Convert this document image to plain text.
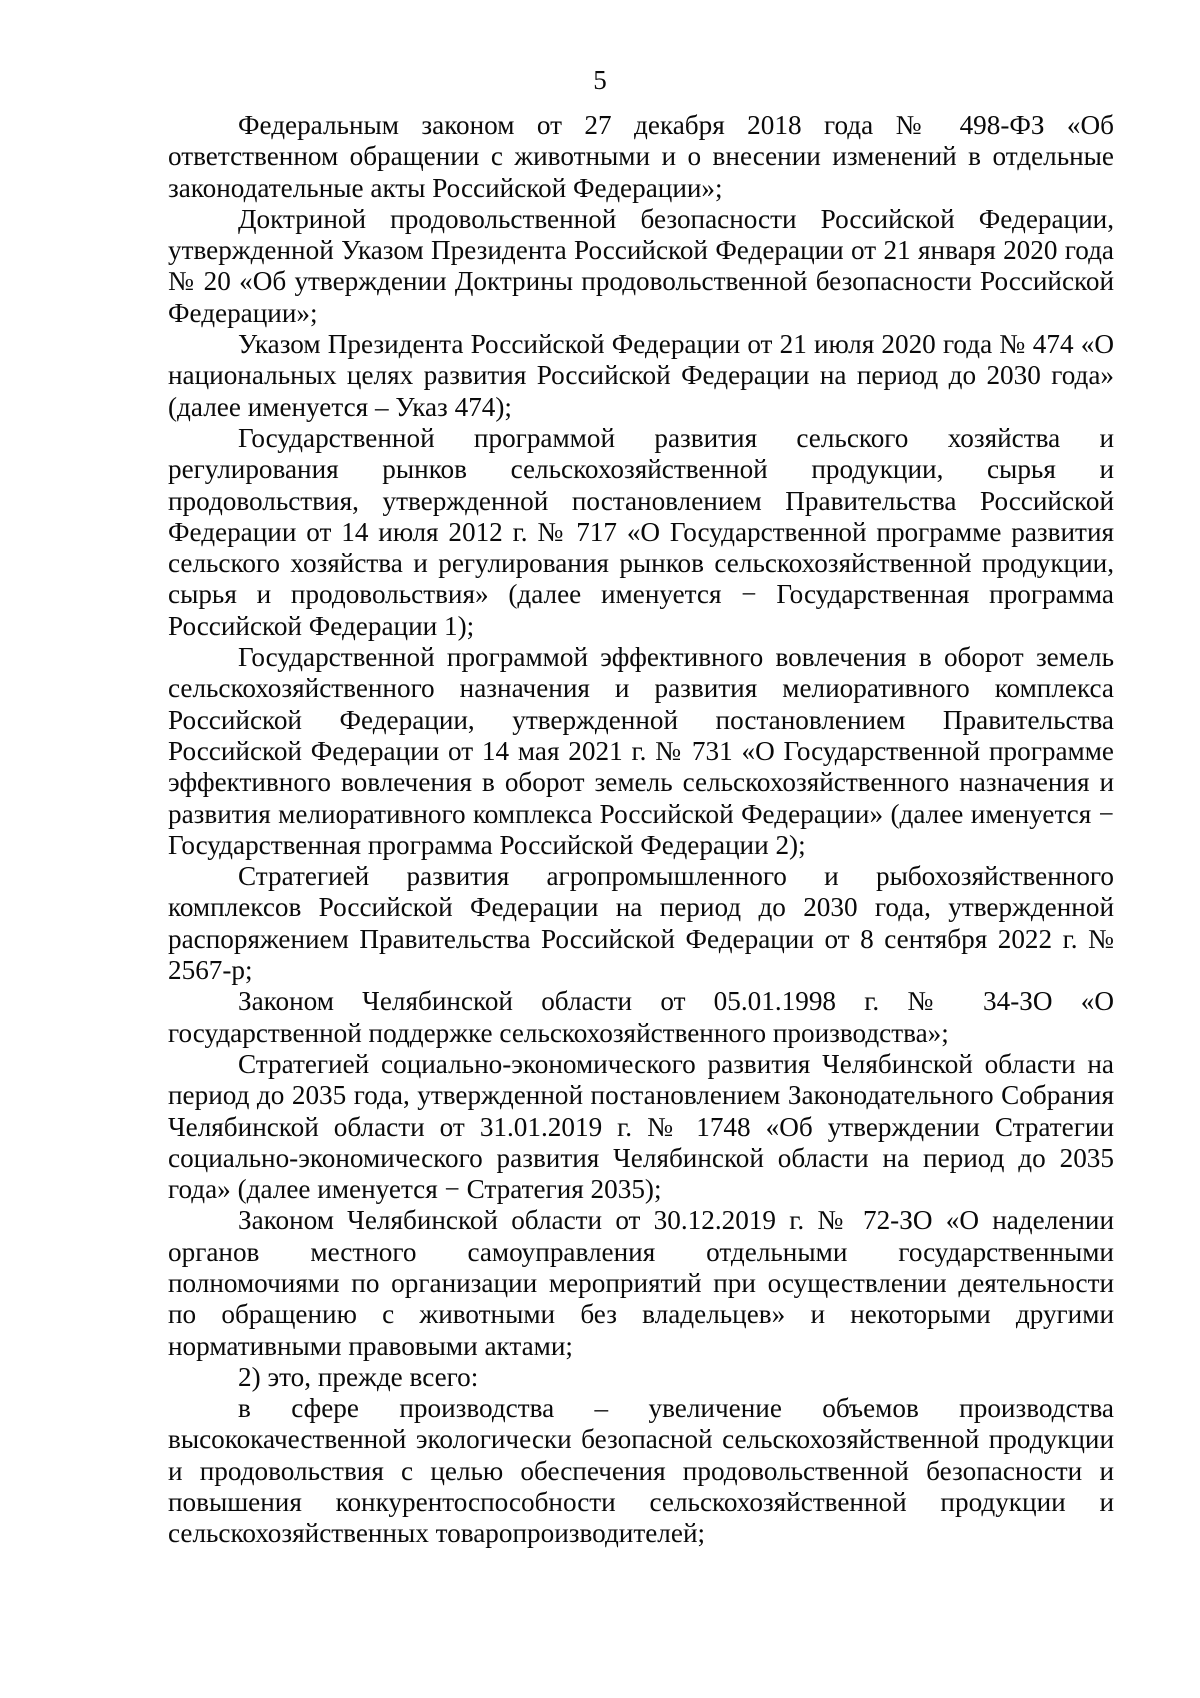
5

Федеральным законом от 27 декабря 2018 года № 498-ФЗ «Об ответственном обращении с животными и о внесении изменений в отдельные законодательные акты Российской Федерации»;

Доктриной продовольственной безопасности Российской Федерации, утвержденной Указом Президента Российской Федерации от 21 января 2020 года № 20 «Об утверждении Доктрины продовольственной безопасности Российской Федерации»;

Указом Президента Российской Федерации от 21 июля 2020 года № 474 «О национальных целях развития Российской Федерации на период до 2030 года» (далее именуется – Указ 474);

Государственной программой развития сельского хозяйства и регулирования рынков сельскохозяйственной продукции, сырья и продовольствия, утвержденной постановлением Правительства Российской Федерации от 14 июля 2012 г. № 717 «О Государственной программе развития сельского хозяйства и регулирования рынков сельскохозяйственной продукции, сырья и продовольствия» (далее именуется − Государственная программа Российской Федерации 1);

Государственной программой эффективного вовлечения в оборот земель сельскохозяйственного назначения и развития мелиоративного комплекса Российской Федерации, утвержденной постановлением Правительства Российской Федерации от 14 мая 2021 г. № 731 «О Государственной программе эффективного вовлечения в оборот земель сельскохозяйственного назначения и развития мелиоративного комплекса Российской Федерации» (далее именуется − Государственная программа Российской Федерации 2);

Стратегией развития агропромышленного и рыбохозяйственного комплексов Российской Федерации на период до 2030 года, утвержденной распоряжением Правительства Российской Федерации от 8 сентября 2022 г. № 2567-р;

Законом Челябинской области от 05.01.1998 г. № 34-ЗО «О государственной поддержке сельскохозяйственного производства»;

Стратегией социально-экономического развития Челябинской области на период до 2035 года, утвержденной постановлением Законодательного Собрания Челябинской области от 31.01.2019 г. № 1748 «Об утверждении Стратегии социально-экономического развития Челябинской области на период до 2035 года» (далее именуется − Стратегия 2035);

Законом Челябинской области от 30.12.2019 г. № 72-ЗО «О наделении органов местного самоуправления отдельными государственными полномочиями по организации мероприятий при осуществлении деятельности по обращению с животными без владельцев» и некоторыми другими нормативными правовыми актами;

2) это, прежде всего:

в сфере производства – увеличение объемов производства высококачественной экологически безопасной сельскохозяйственной продукции и продовольствия с целью обеспечения продовольственной безопасности и повышения конкурентоспособности сельскохозяйственной продукции и сельскохозяйственных товаропроизводителей;
